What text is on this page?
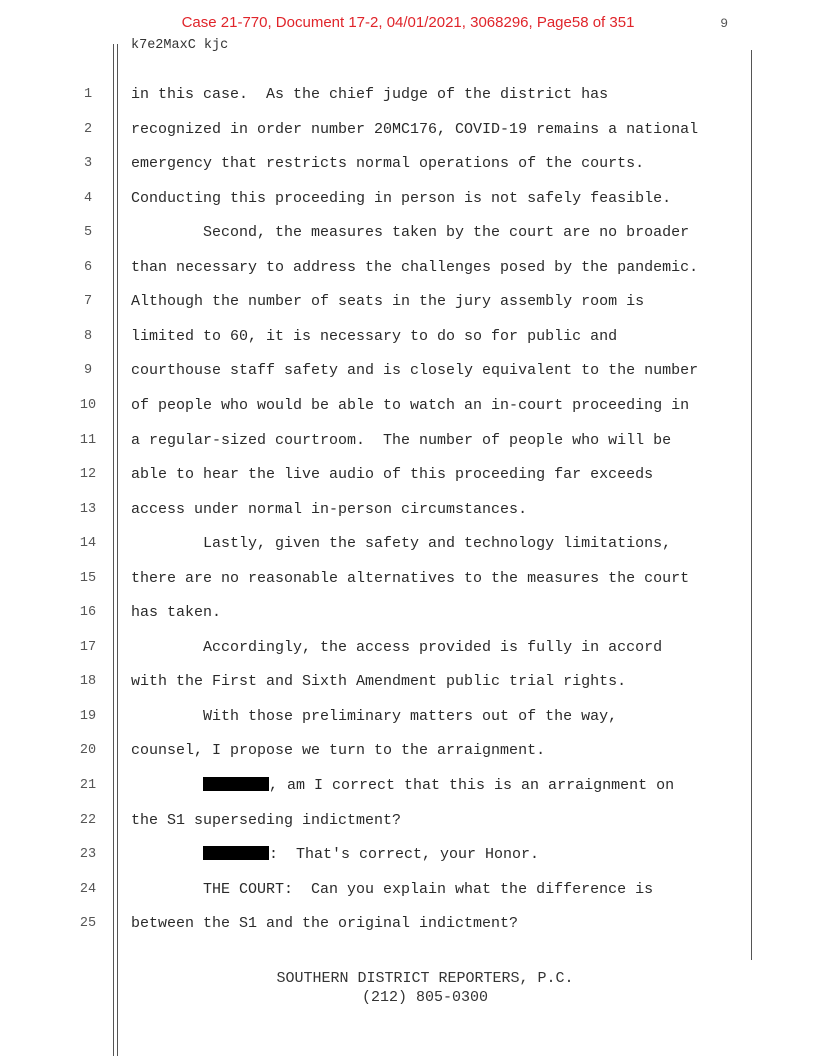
Case 21-770, Document 17-2, 04/01/2021, 3068296, Page58 of 351	9
k7e2MaxC kjc
1	in this case.  As the chief judge of the district has
2	recognized in order number 20MC176, COVID-19 remains a national
3	emergency that restricts normal operations of the courts.
4	Conducting this proceeding in person is not safely feasible.
5	Second, the measures taken by the court are no broader
6	than necessary to address the challenges posed by the pandemic.
7	Although the number of seats in the jury assembly room is
8	limited to 60, it is necessary to do so for public and
9	courthouse staff safety and is closely equivalent to the number
10	of people who would be able to watch an in-court proceeding in
11	a regular-sized courtroom.  The number of people who will be
12	able to hear the live audio of this proceeding far exceeds
13	access under normal in-person circumstances.
14	Lastly, given the safety and technology limitations,
15	there are no reasonable alternatives to the measures the court
16	has taken.
17	Accordingly, the access provided is fully in accord
18	with the First and Sixth Amendment public trial rights.
19	With those preliminary matters out of the way,
20	counsel, I propose we turn to the arraignment.
21	, am I correct that this is an arraignment on
22	the S1 superseding indictment?
23	:  That's correct, your Honor.
24	THE COURT:  Can you explain what the difference is
25	between the S1 and the original indictment?
SOUTHERN DISTRICT REPORTERS, P.C.
(212) 805-0300
